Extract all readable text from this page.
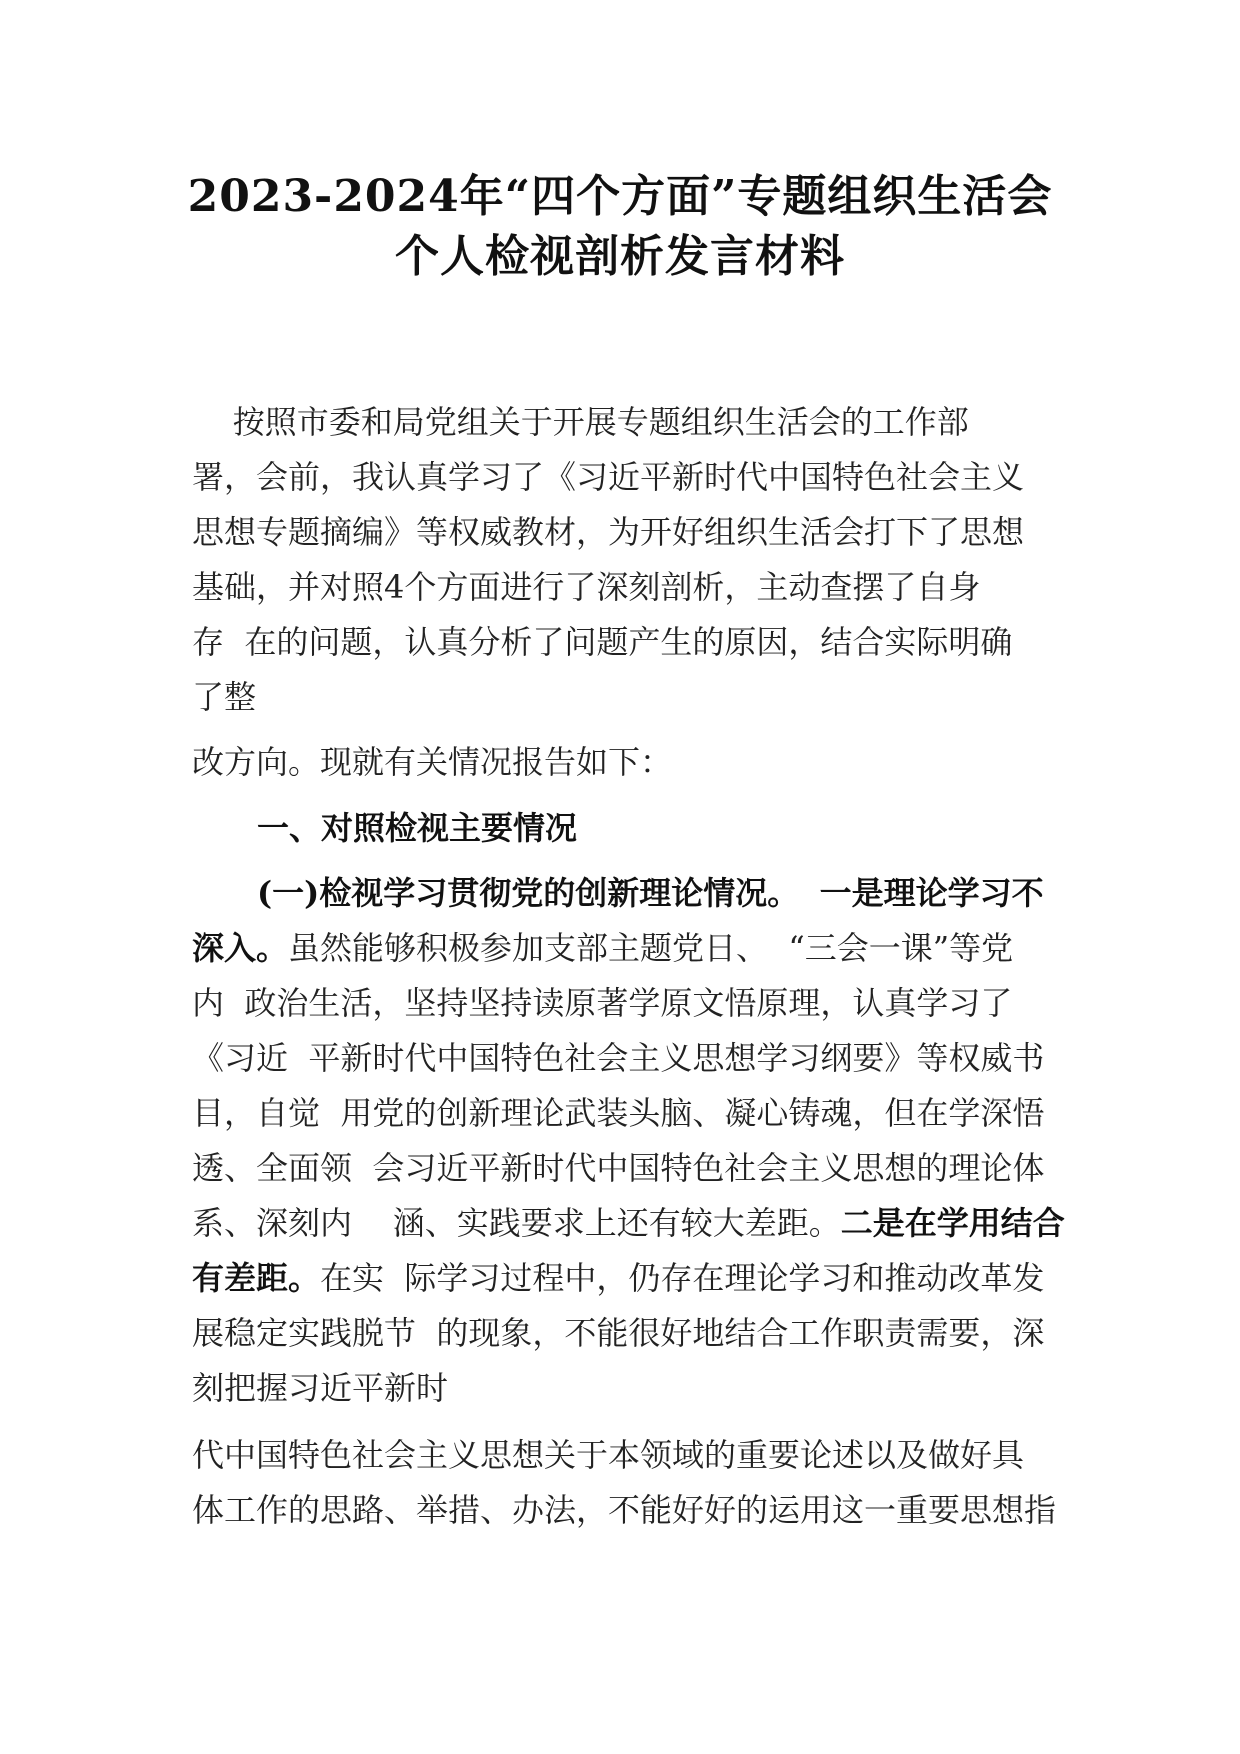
2023-2024年“四个方面”专题组织生活会
个人检视剖析发言材料
按照市委和局党组关于开展专题组织生活会的工作部
署，会前，我认真学习了《习近平新时代中国特色社会主义
思想专题摘编》等权威教材，为开好组织生活会打下了思想
基础，并对照4个方面进行了深刻剖析，主动查摆了自身
存  在的问题，认真分析了问题产生的原因，结合实际明确
了整
改方向。现就有关情况报告如下：
一、对照检视主要情况
(一)检视学习贯彻党的创新理论情况。 一是理论学习不
深入。虽然能够积极参加支部主题党日、  “三会一课”等党
内  政治生活，坚持坚持读原著学原文悟原理，认真学习了
《习近  平新时代中国特色社会主义思想学习纲要》等权威书
目，自觉  用党的创新理论武装头脑、凝心铸魂，但在学深悟
透、全面领  会习近平新时代中国特色社会主义思想的理论体
系、深刻内    涵、实践要求上还有较大差距。二是在学用结合
有差距。在实  际学习过程中，仍存在理论学习和推动改革发
展稳定实践脱节  的现象，不能很好地结合工作职责需要，深
刻把握习近平新时
代中国特色社会主义思想关于本领域的重要论述以及做好具
体工作的思路、举措、办法，不能好好的运用这一重要思想指
